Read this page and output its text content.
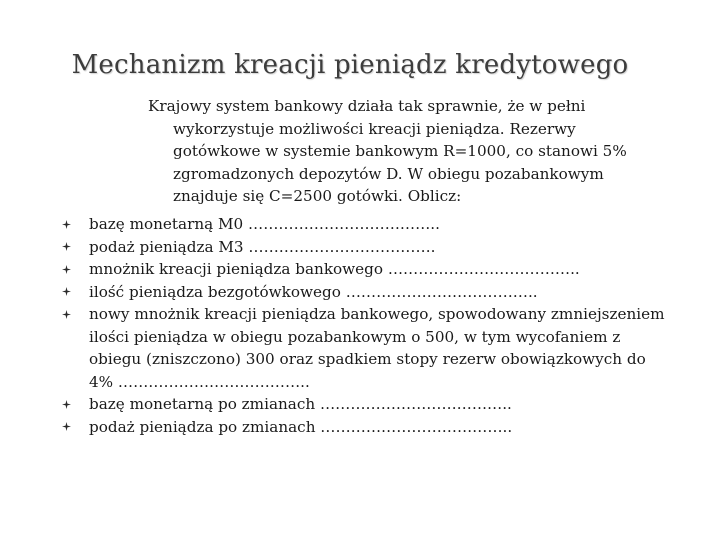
Mechanizm kreacji pieniądz kredytowego
Krajowy system bankowy działa tak sprawnie, że w pełni wykorzystuje możliwości kreacji pieniądza. Rezerwy gotówkowe w systemie bankowym R=1000, co stanowi 5% zgromadzonych depozytów D. W obiegu pozabankowym znajduje się C=2500 gotówki. Oblicz:
bazę monetarną M0 ………………………………..
podaż pieniądza M3 ……………………………….
mnożnik kreacji pieniądza bankowego ………………………………..
ilość pieniądza bezgotówkowego ………………………………..
nowy mnożnik kreacji pieniądza bankowego, spowodowany zmniejszeniem ilości pieniądza w obiegu pozabankowym o 500, w tym wycofaniem z obiegu (zniszczono) 300 oraz spadkiem stopy rezerw obowiązkowych do 4% ………………………………..
bazę monetarną po zmianach ………………………………..
podaż pieniądza po zmianach ………………………………..
